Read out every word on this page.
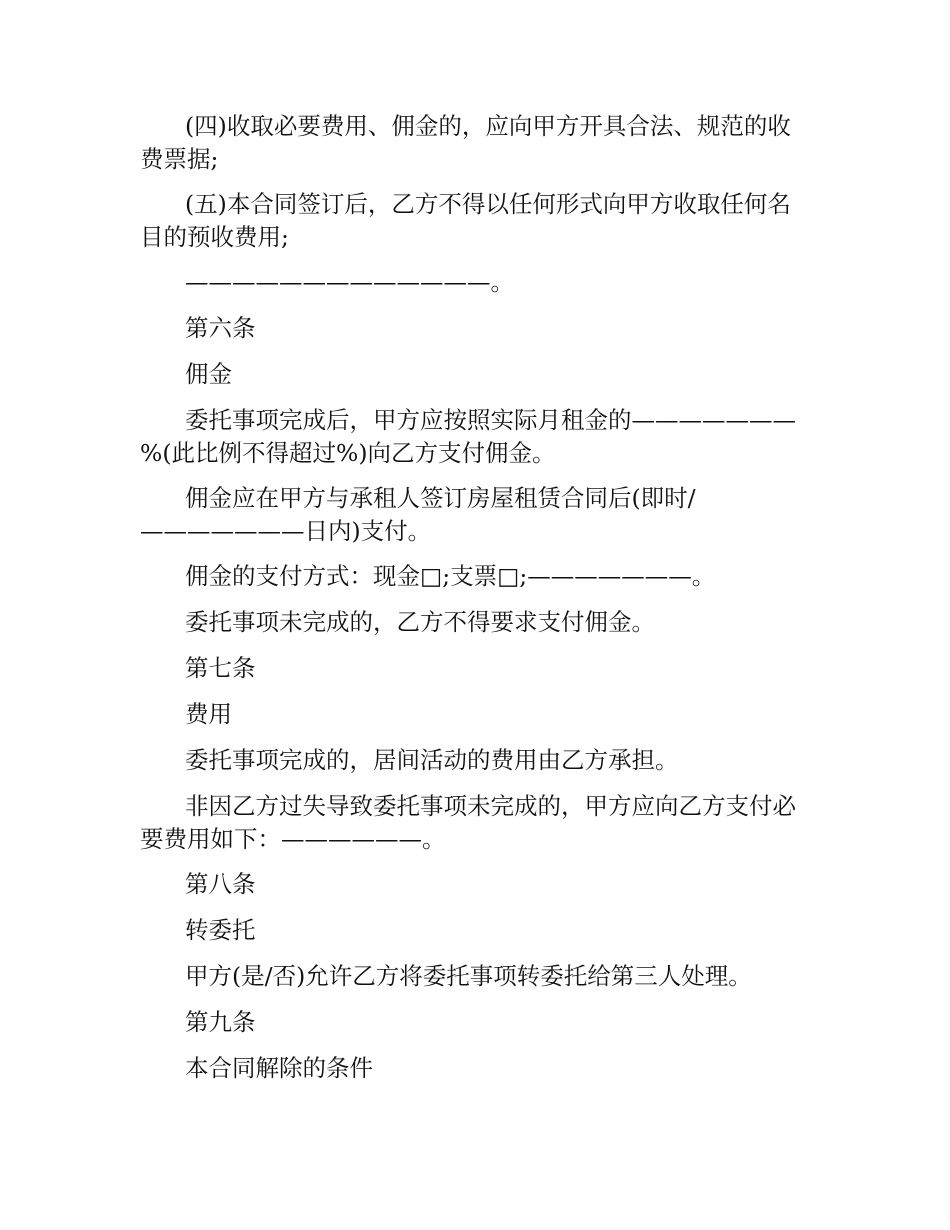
(四)收取必要费用、佣金的，应向甲方开具合法、规范的收费票据;

(五)本合同签订后，乙方不得以任何形式向甲方收取任何名目的预收费用;

—————————————。

第六条

佣金

委托事项完成后，甲方应按照实际月租金的———————%(此比例不得超过%)向乙方支付佣金。

佣金应在甲方与承租人签订房屋租赁合同后(即时/———————日内)支付。

佣金的支付方式：现金□;支票□;———————。

委托事项未完成的，乙方不得要求支付佣金。

第七条

费用

委托事项完成的，居间活动的费用由乙方承担。

非因乙方过失导致委托事项未完成的，甲方应向乙方支付必要费用如下：——————。

第八条

转委托

甲方(是/否)允许乙方将委托事项转委托给第三人处理。

第九条

本合同解除的条件
